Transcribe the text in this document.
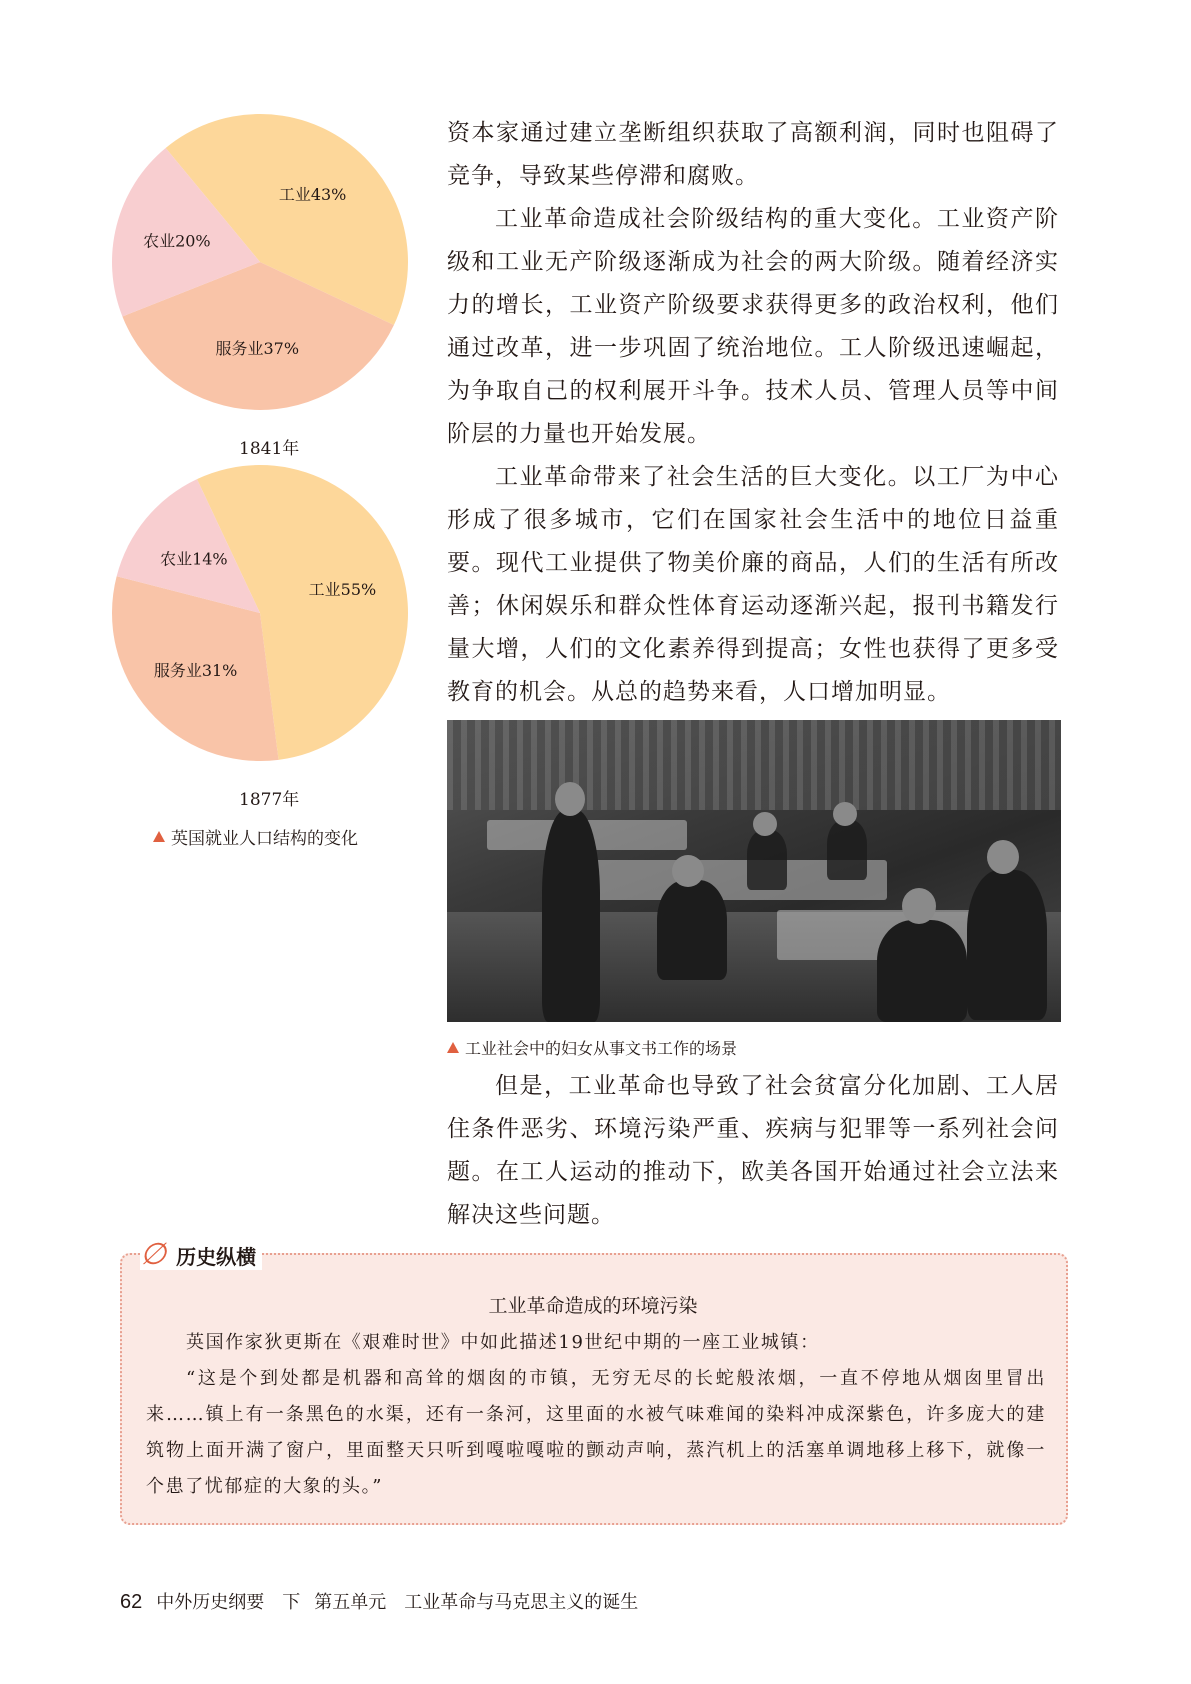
工业43%
服务业37%
农业20%
1841年
工业55%
服务业31%
农业14%
1877年
英国就业人口结构的变化

资本家通过建立垄断组织获取了高额利润，同时也阻碍了竞争，导致某些停滞和腐败。

工业革命造成社会阶级结构的重大变化。工业资产阶级和工业无产阶级逐渐成为社会的两大阶级。随着经济实力的增长，工业资产阶级要求获得更多的政治权利，他们通过改革，进一步巩固了统治地位。工人阶级迅速崛起，为争取自己的权利展开斗争。技术人员、管理人员等中间阶层的力量也开始发展。

工业革命带来了社会生活的巨大变化。以工厂为中心形成了很多城市，它们在国家社会生活中的地位日益重要。现代工业提供了物美价廉的商品，人们的生活有所改善；休闲娱乐和群众性体育运动逐渐兴起，报刊书籍发行量大增，人们的文化素养得到提高；女性也获得了更多受教育的机会。从总的趋势来看，人口增加明显。

工业社会中的妇女从事文书工作的场景

但是，工业革命也导致了社会贫富分化加剧、工人居住条件恶劣、环境污染严重、疾病与犯罪等一系列社会问题。在工人运动的推动下，欧美各国开始通过社会立法来解决这些问题。

∅ 历史纵横
工业革命造成的环境污染

英国作家狄更斯在《艰难时世》中如此描述19世纪中期的一座工业城镇：

“这是个到处都是机器和高耸的烟囱的市镇，无穷无尽的长蛇般浓烟，一直不停地从烟囱里冒出来……镇上有一条黑色的水渠，还有一条河，这里面的水被气味难闻的染料冲成深紫色，许多庞大的建筑物上面开满了窗户，里面整天只听到嘎啦嘎啦的颤动声响，蒸汽机上的活塞单调地移上移下，就像一个患了忧郁症的大象的头。”

62 中外历史纲要　下 第五单元　工业革命与马克思主义的诞生
